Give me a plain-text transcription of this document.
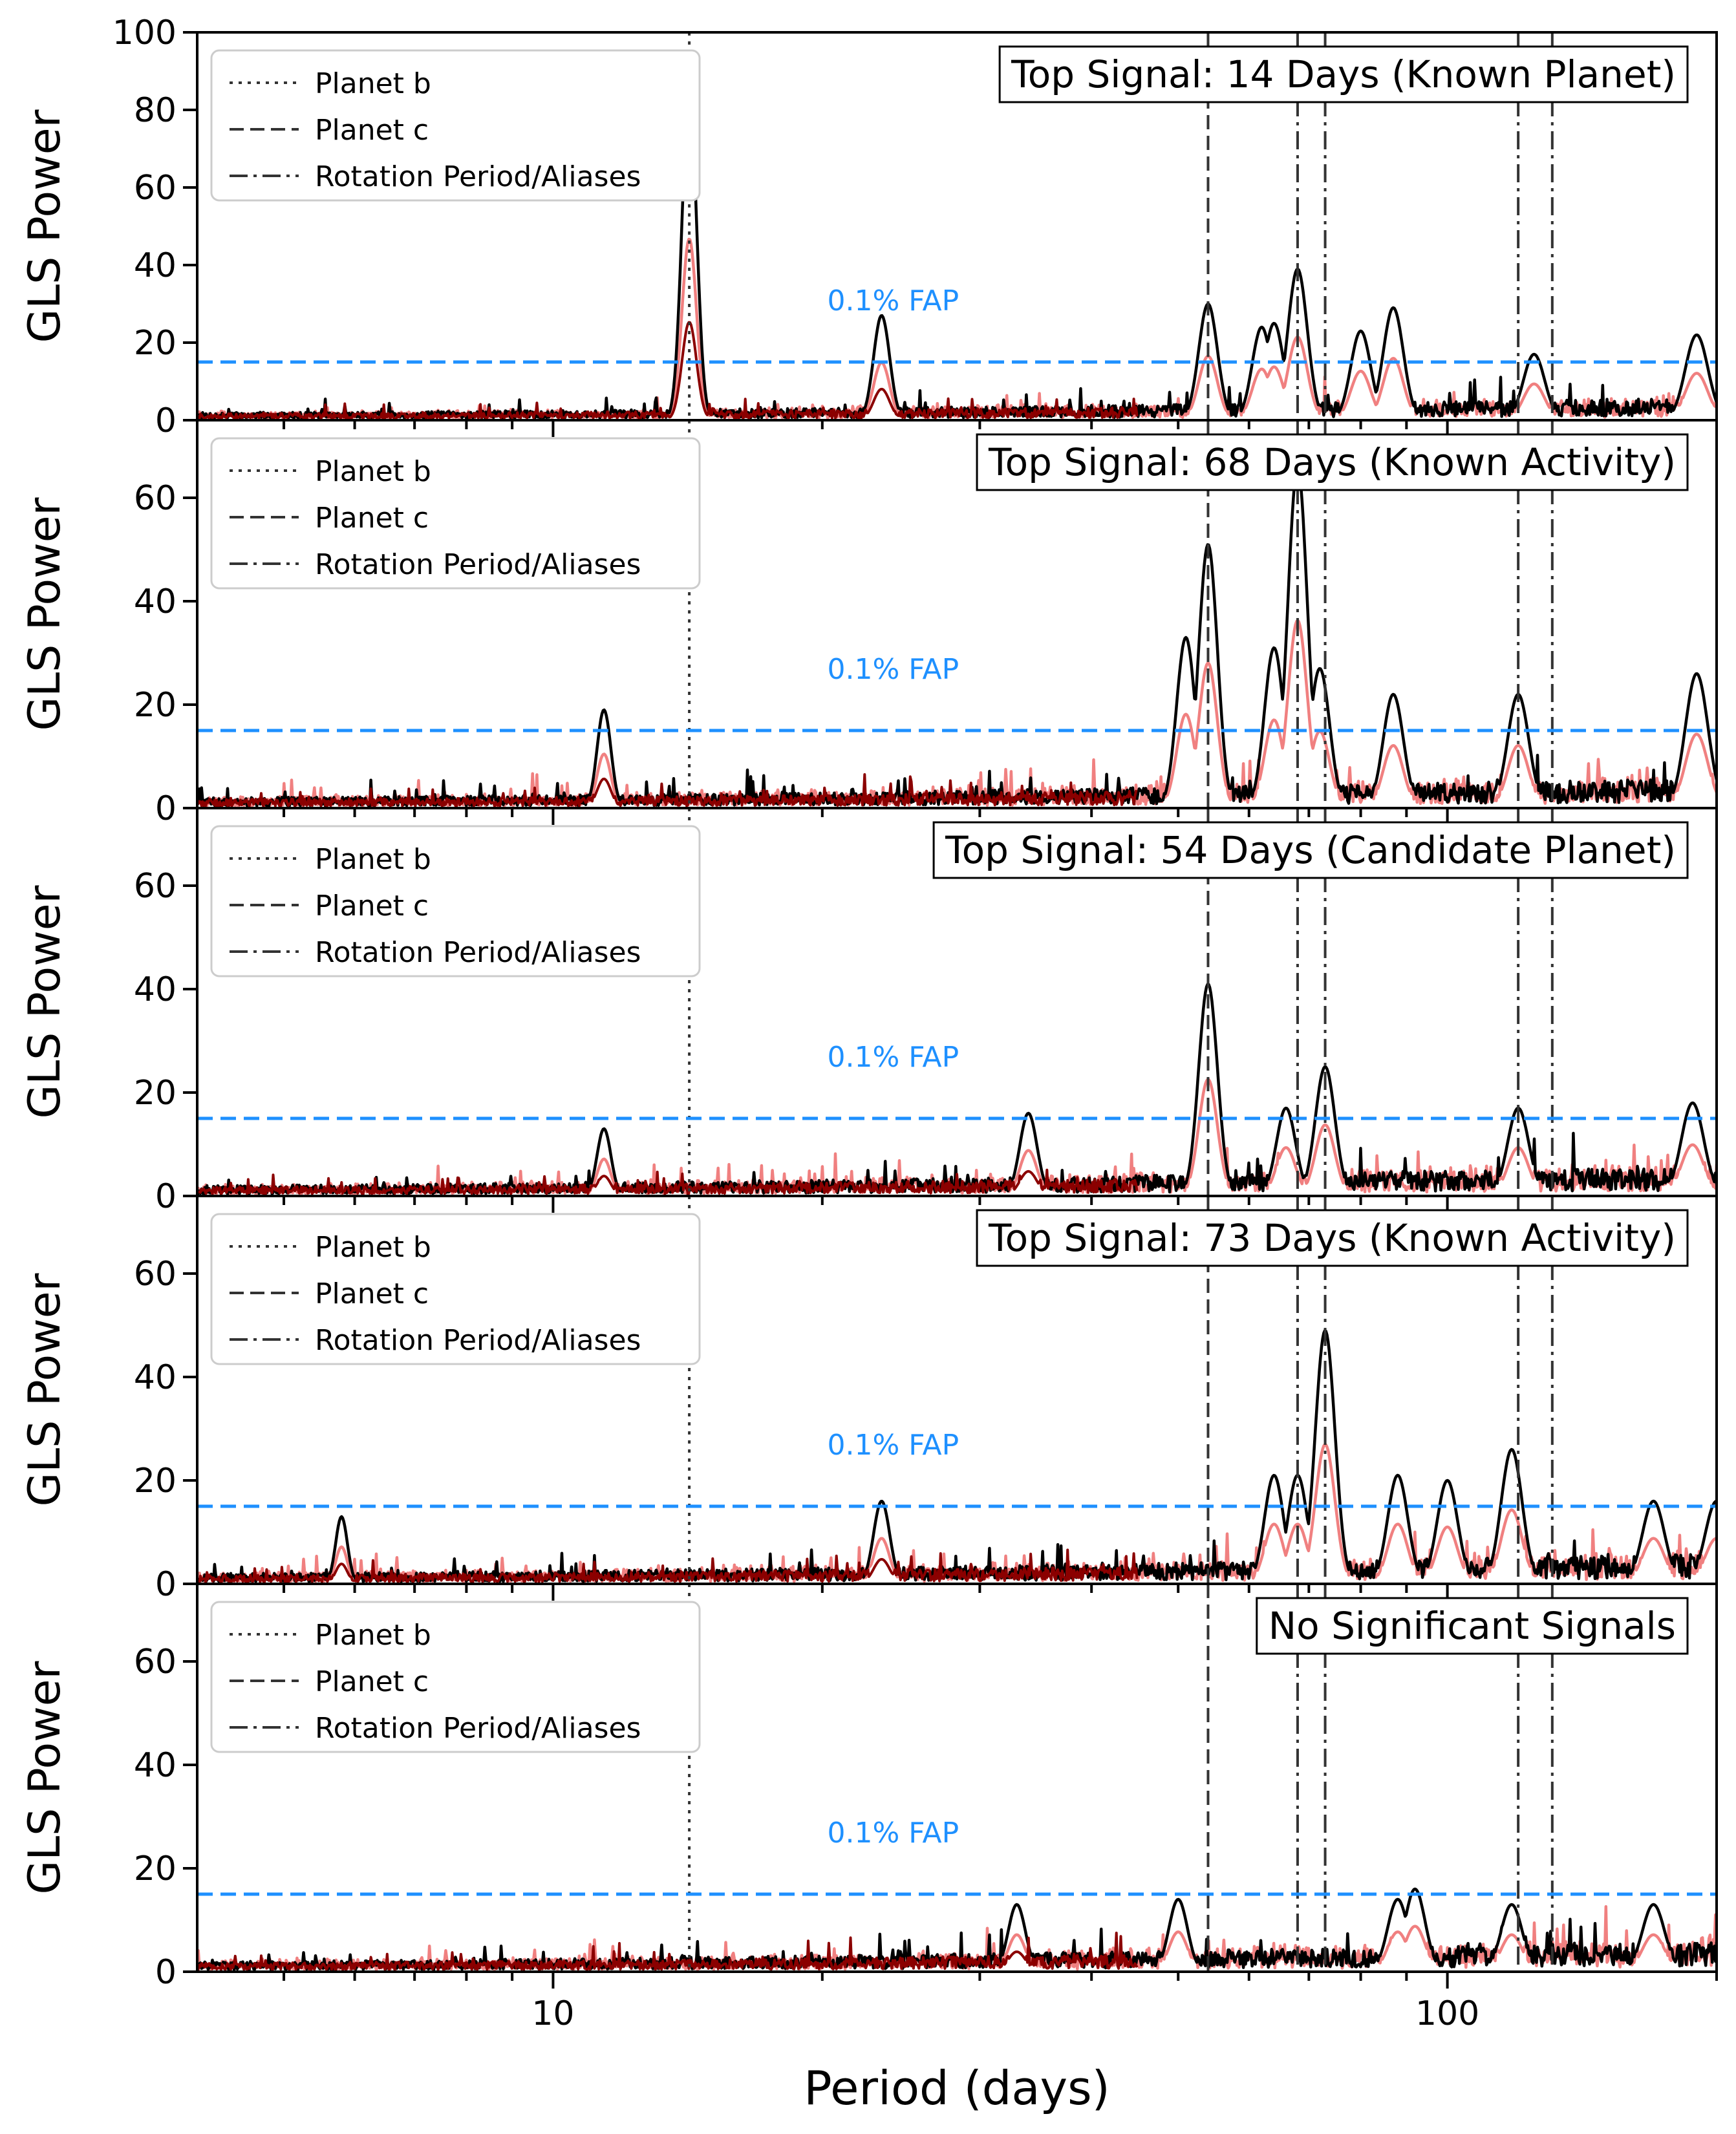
0.1% FAP
0
20
40
60
80
100
GLS Power
Planet b
Planet c
Rotation Period/Aliases
Top Signal: 14 Days (Known Planet)
0.1% FAP
0
20
40
60
GLS Power
Planet b
Planet c
Rotation Period/Aliases
Top Signal: 68 Days (Known Activity)
0.1% FAP
0
20
40
60
GLS Power
Planet b
Planet c
Rotation Period/Aliases
Top Signal: 54 Days (Candidate Planet)
0.1% FAP
0
20
40
60
GLS Power
Planet b
Planet c
Rotation Period/Aliases
Top Signal: 73 Days (Known Activity)
0.1% FAP
0
20
40
60
GLS Power
Planet b
Planet c
Rotation Period/Aliases
No Significant Signals
10	100
Period (days)
